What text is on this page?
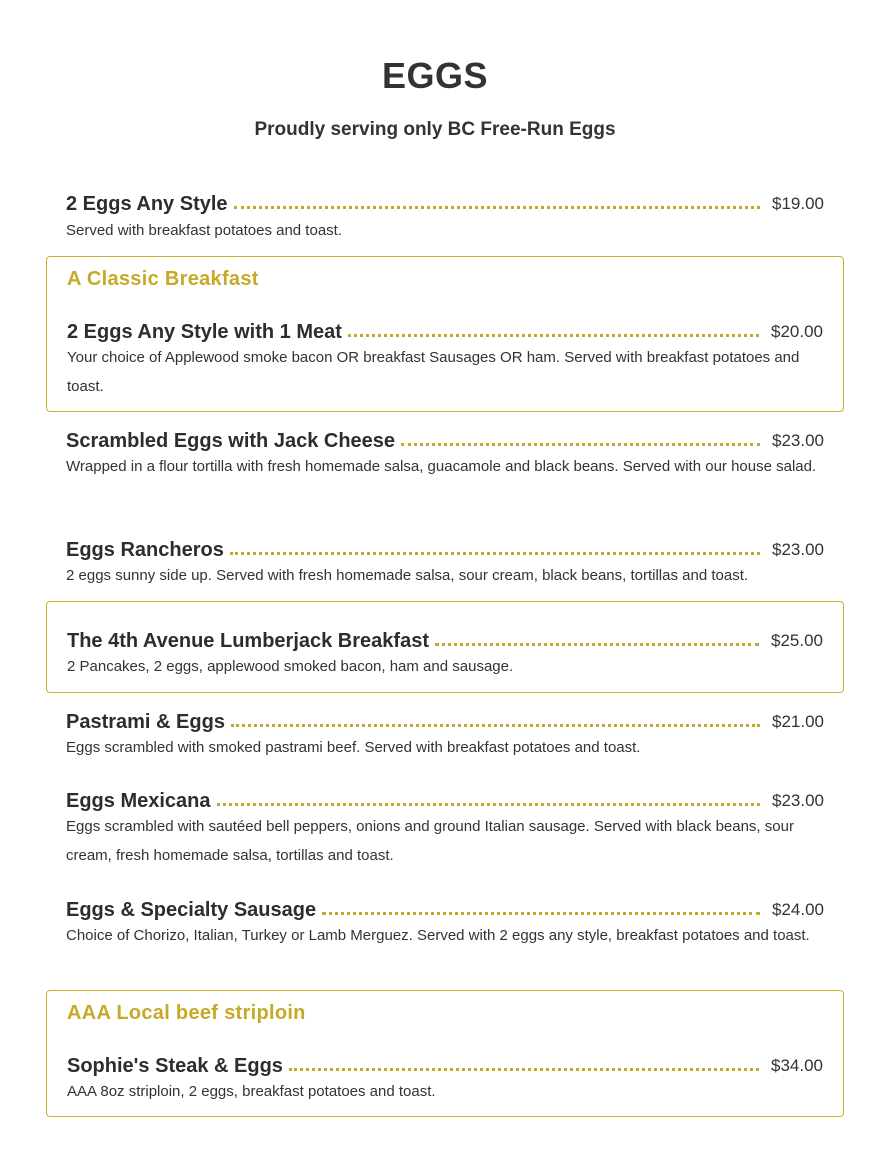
EGGS
Proudly serving only BC Free-Run Eggs
2 Eggs Any Style	$19.00
Served with breakfast potatoes and toast.
A Classic Breakfast
2 Eggs Any Style with 1 Meat	$20.00
Your choice of Applewood smoke bacon OR breakfast Sausages OR ham. Served with breakfast potatoes and toast.
Scrambled Eggs with Jack Cheese	$23.00
Wrapped in a flour tortilla with fresh homemade salsa, guacamole and black beans. Served with our house salad.
Eggs Rancheros	$23.00
2 eggs sunny side up. Served with fresh homemade salsa, sour cream, black beans, tortillas and toast.
The 4th Avenue Lumberjack Breakfast	$25.00
2 Pancakes, 2 eggs, applewood smoked bacon, ham and sausage.
Pastrami & Eggs	$21.00
Eggs scrambled with smoked pastrami beef. Served with breakfast potatoes and toast.
Eggs Mexicana	$23.00
Eggs scrambled with sautéed bell peppers, onions and ground Italian sausage. Served with black beans, sour cream, fresh homemade salsa, tortillas and toast.
Eggs & Specialty Sausage	$24.00
Choice of Chorizo, Italian, Turkey or Lamb Merguez. Served with 2 eggs any style, breakfast potatoes and toast.
AAA Local beef striploin
Sophie's Steak & Eggs	$34.00
AAA 8oz striploin, 2 eggs, breakfast potatoes and toast.
